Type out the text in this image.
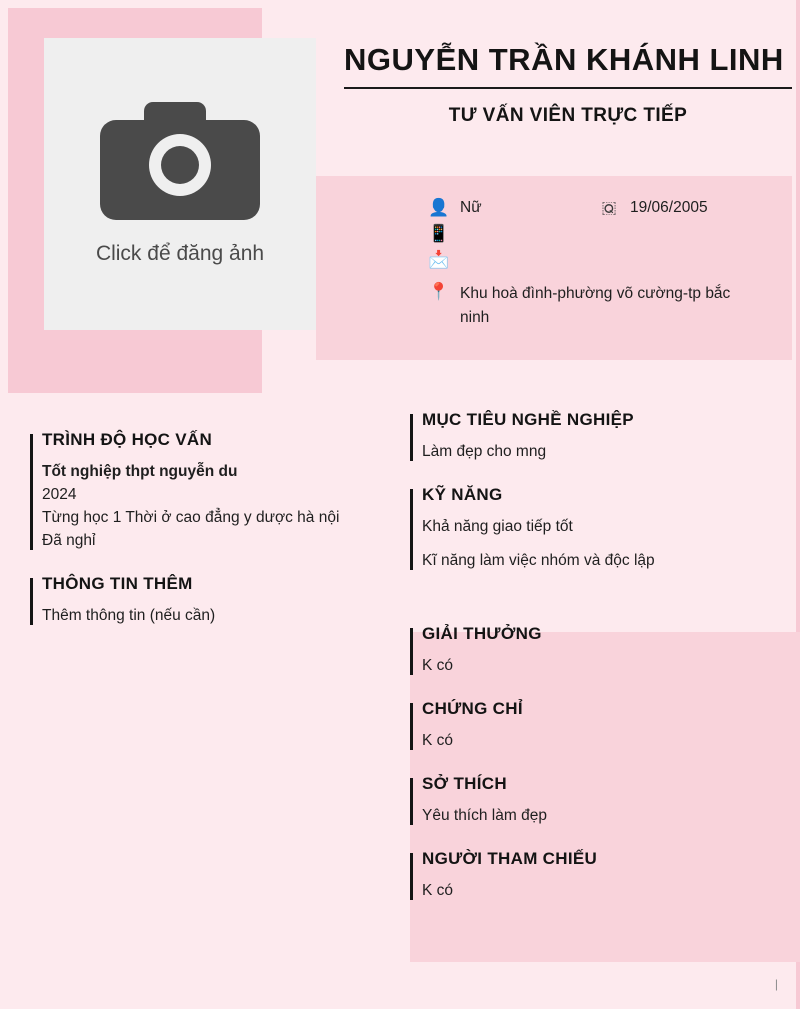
Click để đăng ảnh
NGUYỄN TRẦN KHÁNH LINH
TƯ VẤN VIÊN TRỰC TIẾP
👤 Nữ	🇶 19/06/2005
📱
📩
📍 Khu hoà đình-phường võ cường-tp bắc ninh
TRÌNH ĐỘ HỌC VẤN
Tốt nghiệp thpt nguyễn du
2024
Từng học 1 Thời ở cao đẳng y dược hà nội
Đã nghỉ
THÔNG TIN THÊM
Thêm thông tin (nếu cần)
MỤC TIÊU NGHỀ NGHIỆP
Làm đẹp cho mng
KỸ NĂNG
Khả năng giao tiếp tốt
Kĩ năng làm việc nhóm và độc lập
GIẢI THƯỞNG
K có
CHỨNG CHỈ
K có
SỞ THÍCH
Yêu thích làm đẹp
NGƯỜI THAM CHIẾU
K có
|
